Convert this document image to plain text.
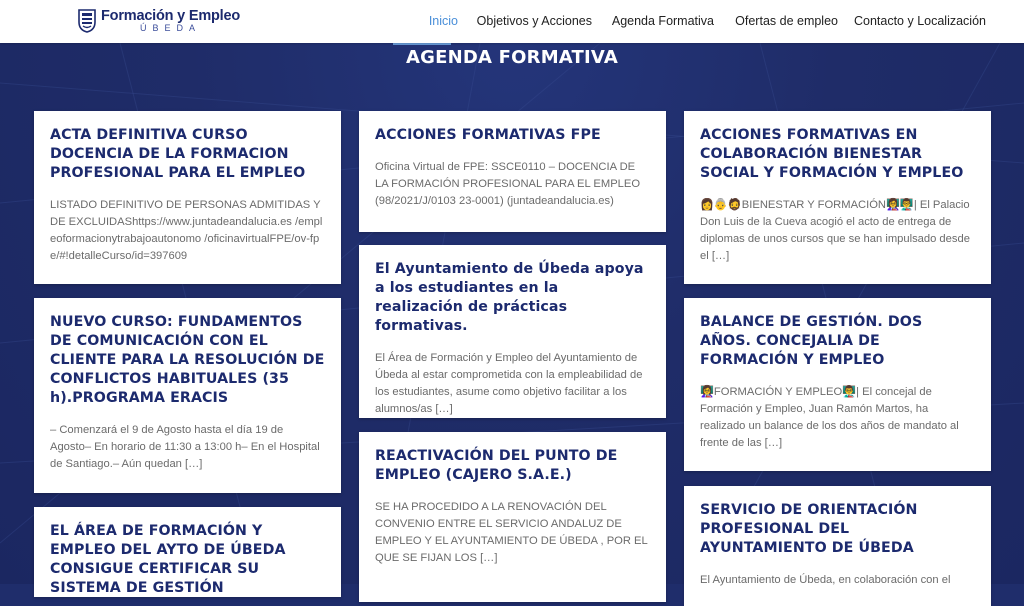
Formación y Empleo
ÚBEDA
Inicio Objetivos y Acciones Agenda Formativa Ofertas de empleo Contacto y Localización
AGENDA FORMATIVA
ACTA DEFINITIVA CURSO DOCENCIA DE LA FORMACION PROFESIONAL PARA EL EMPLEO

LISTADO DEFINITIVO DE PERSONAS ADMITIDAS Y DE EXCLUIDAShttps://www.juntadeandalucia.es /empleoformacionytrabajoautonomo /oficinavirtualFPE/ov-fpe/#!detalleCurso/id=397609

NUEVO CURSO: FUNDAMENTOS DE COMUNICACIÓN CON EL CLIENTE PARA LA RESOLUCIÓN DE CONFLICTOS HABITUALES (35 h).PROGRAMA ERACIS

– Comenzará el 9 de Agosto hasta el día 19 de Agosto– En horario de 11:30 a 13:00 h– En el Hospital de Santiago.– Aún quedan […]

EL ÁREA DE FORMACIÓN Y EMPLEO DEL AYTO DE ÚBEDA CONSIGUE CERTIFICAR SU SISTEMA DE GESTIÓN
ACCIONES FORMATIVAS FPE

Oficina Virtual de FPE: SSCE0110 – DOCENCIA DE LA FORMACIÓN PROFESIONAL PARA EL EMPLEO (98/2021/J/0103 23-0001) (juntadeandalucia.es)

El Ayuntamiento de Úbeda apoya a los estudiantes en la realización de prácticas formativas.

El Área de Formación y Empleo del Ayuntamiento de Úbeda al estar comprometida con la empleabilidad de los estudiantes, asume como objetivo facilitar a los alumnos/as […]

REACTIVACIÓN DEL PUNTO DE EMPLEO (CAJERO S.A.E.)

SE HA PROCEDIDO A LA RENOVACIÓN DEL CONVENIO ENTRE EL SERVICIO ANDALUZ DE EMPLEO Y EL AYUNTAMIENTO DE ÚBEDA , POR EL QUE SE FIJAN LOS […]

ACCIONES FORMATIVAS EN COLABORACIÓN BIENESTAR SOCIAL Y FORMACIÓN Y EMPLEO

👩👵🧔BIENESTAR Y FORMACIÓN👩‍🏫👨‍🏫| El Palacio Don Luis de la Cueva acogió el acto de entrega de diplomas de unos cursos que se han impulsado desde el […]

BALANCE DE GESTIÓN. DOS AÑOS. CONCEJALIA DE FORMACIÓN Y EMPLEO

👩‍🏫FORMACIÓN Y EMPLEO👨‍🏫| El concejal de Formación y Empleo, Juan Ramón Martos, ha realizado un balance de los dos años de mandato al frente de las […]

SERVICIO DE ORIENTACIÓN PROFESIONAL DEL AYUNTAMIENTO DE ÚBEDA

El Ayuntamiento de Úbeda, en colaboración con el
